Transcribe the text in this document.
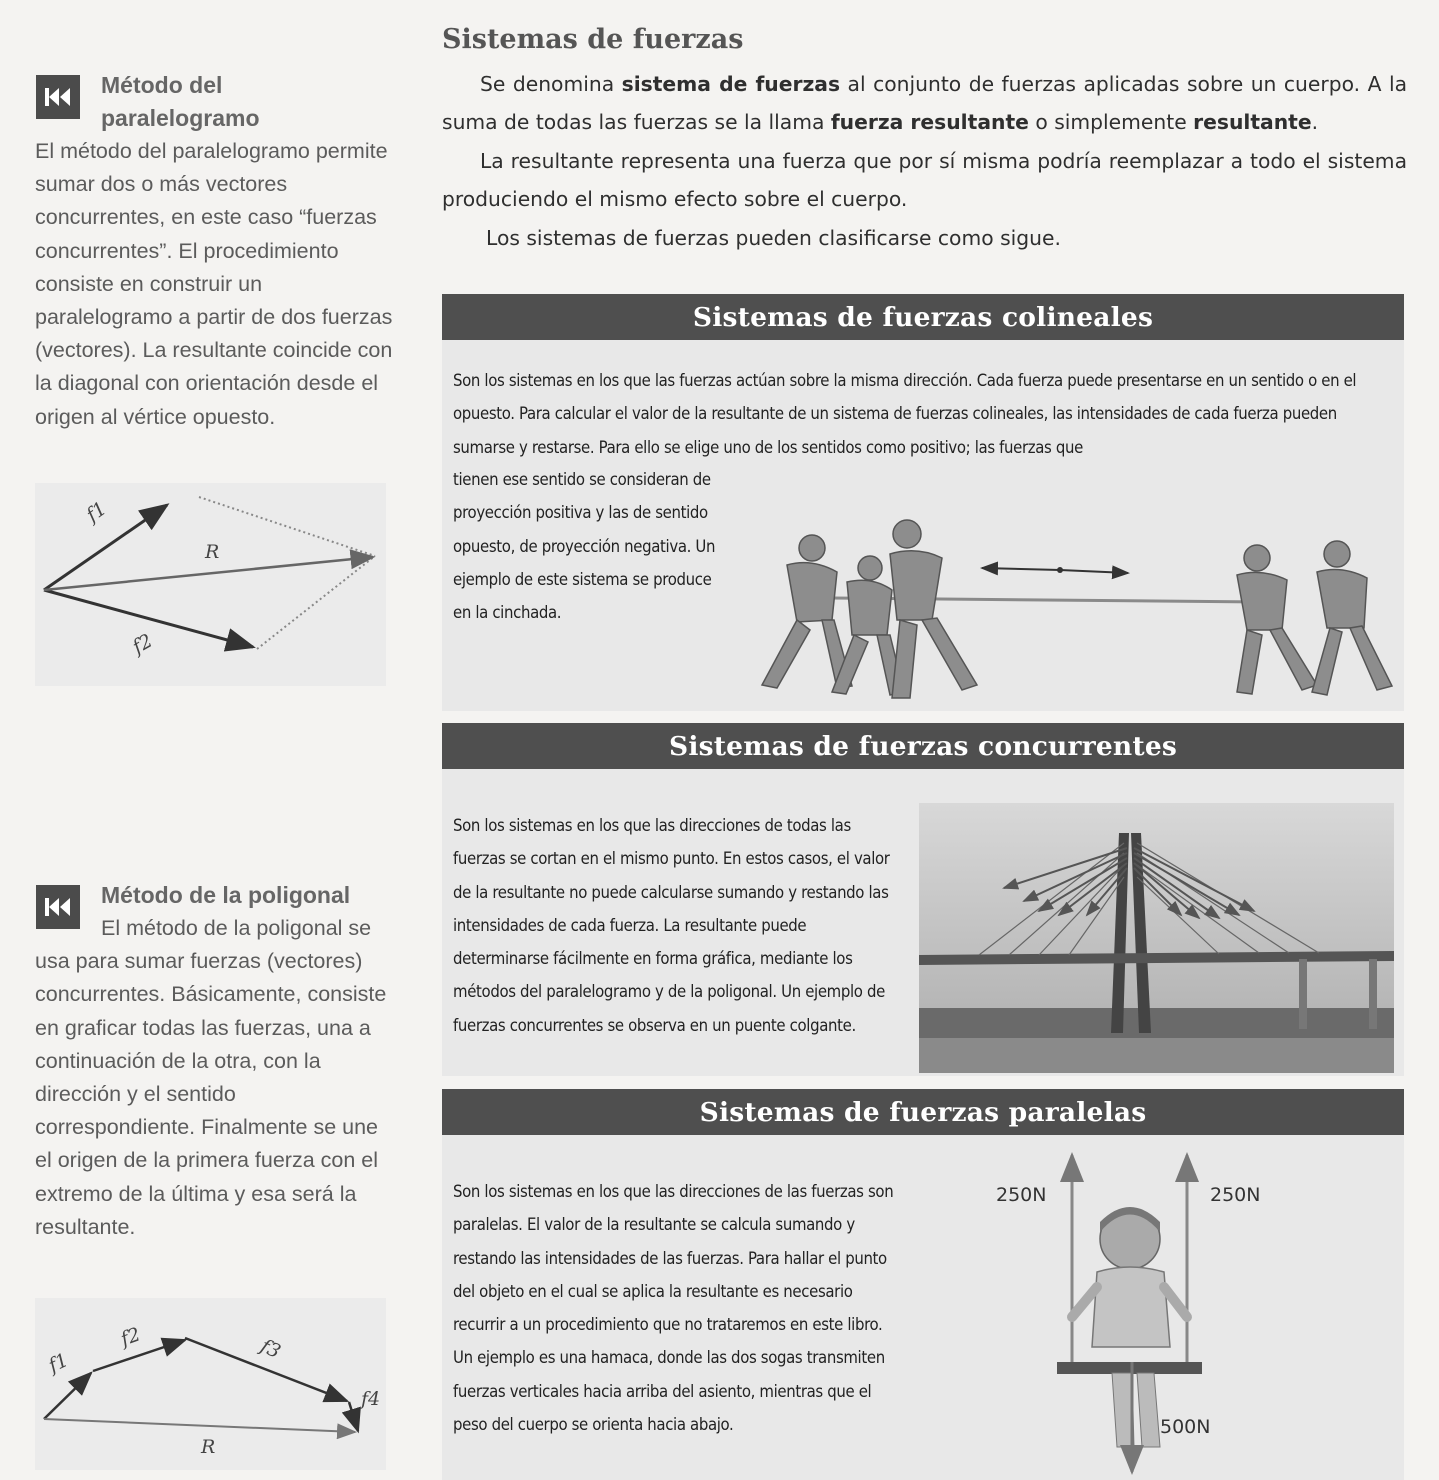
Método del paralelogramo
El método del paralelogramo permite sumar dos o más vectores concurrentes, en este caso “fuerzas concurrentes”. El procedimiento consiste en construir un paralelogramo a partir de dos fuerzas (vectores). La resultante coincide con la diagonal con orientación desde el origen al vértice opuesto.
f1
R
f2
Método de la poligonal
El método de la poligonal se usa para sumar fuerzas (vectores) concurrentes. Básicamente, consiste en graficar todas las fuerzas, una a continuación de la otra, con la dirección y el sentido correspondiente. Finalmente se une el origen de la primera fuerza con el extremo de la última y esa será la resultante.
f1
f2	f3
f4
R
Sistemas de fuerzas
Se denomina sistema de fuerzas al conjunto de fuerzas aplicadas sobre un cuerpo. A la suma de todas las fuerzas se la llama fuerza resultante o simplemente resultante.
La resultante representa una fuerza que por sí misma podría reemplazar a todo el sistema produciendo el mismo efecto sobre el cuerpo.
Los sistemas de fuerzas pueden clasificarse como sigue.
Sistemas de fuerzas colineales
Son los sistemas en los que las fuerzas actúan sobre la misma dirección. Cada fuerza puede presentarse en un sentido o en el opuesto. Para calcular el valor de la resultante de un sistema de fuerzas colineales, las intensidades de cada fuerza pueden sumarse y restarse. Para ello se elige uno de los sentidos como positivo; las fuerzas que
tienen ese sentido se consideran de proyección positiva y las de sentido opuesto, de proyección negativa. Un ejemplo de este sistema se produce en la cinchada.
Sistemas de fuerzas concurrentes
Son los sistemas en los que las direcciones de todas las fuerzas se cortan en el mismo punto. En estos casos, el valor de la resultante no puede calcularse sumando y restando las intensidades de cada fuerza. La resultante puede determinarse fácilmente en forma gráfica, mediante los métodos del paralelogramo y de la poligonal. Un ejemplo de fuerzas concurrentes se observa en un puente colgante.
Sistemas de fuerzas paralelas
Son los sistemas en los que las direcciones de las fuerzas son paralelas. El valor de la resultante se calcula sumando y restando las intensidades de las fuerzas. Para hallar el punto del objeto en el cual se aplica la resultante es necesario recurrir a un procedimiento que no trataremos en este libro. Un ejemplo es una hamaca, donde las dos sogas transmiten fuerzas verticales hacia arriba del asiento, mientras que el peso del cuerpo se orienta hacia abajo.
250N	250N
500N
